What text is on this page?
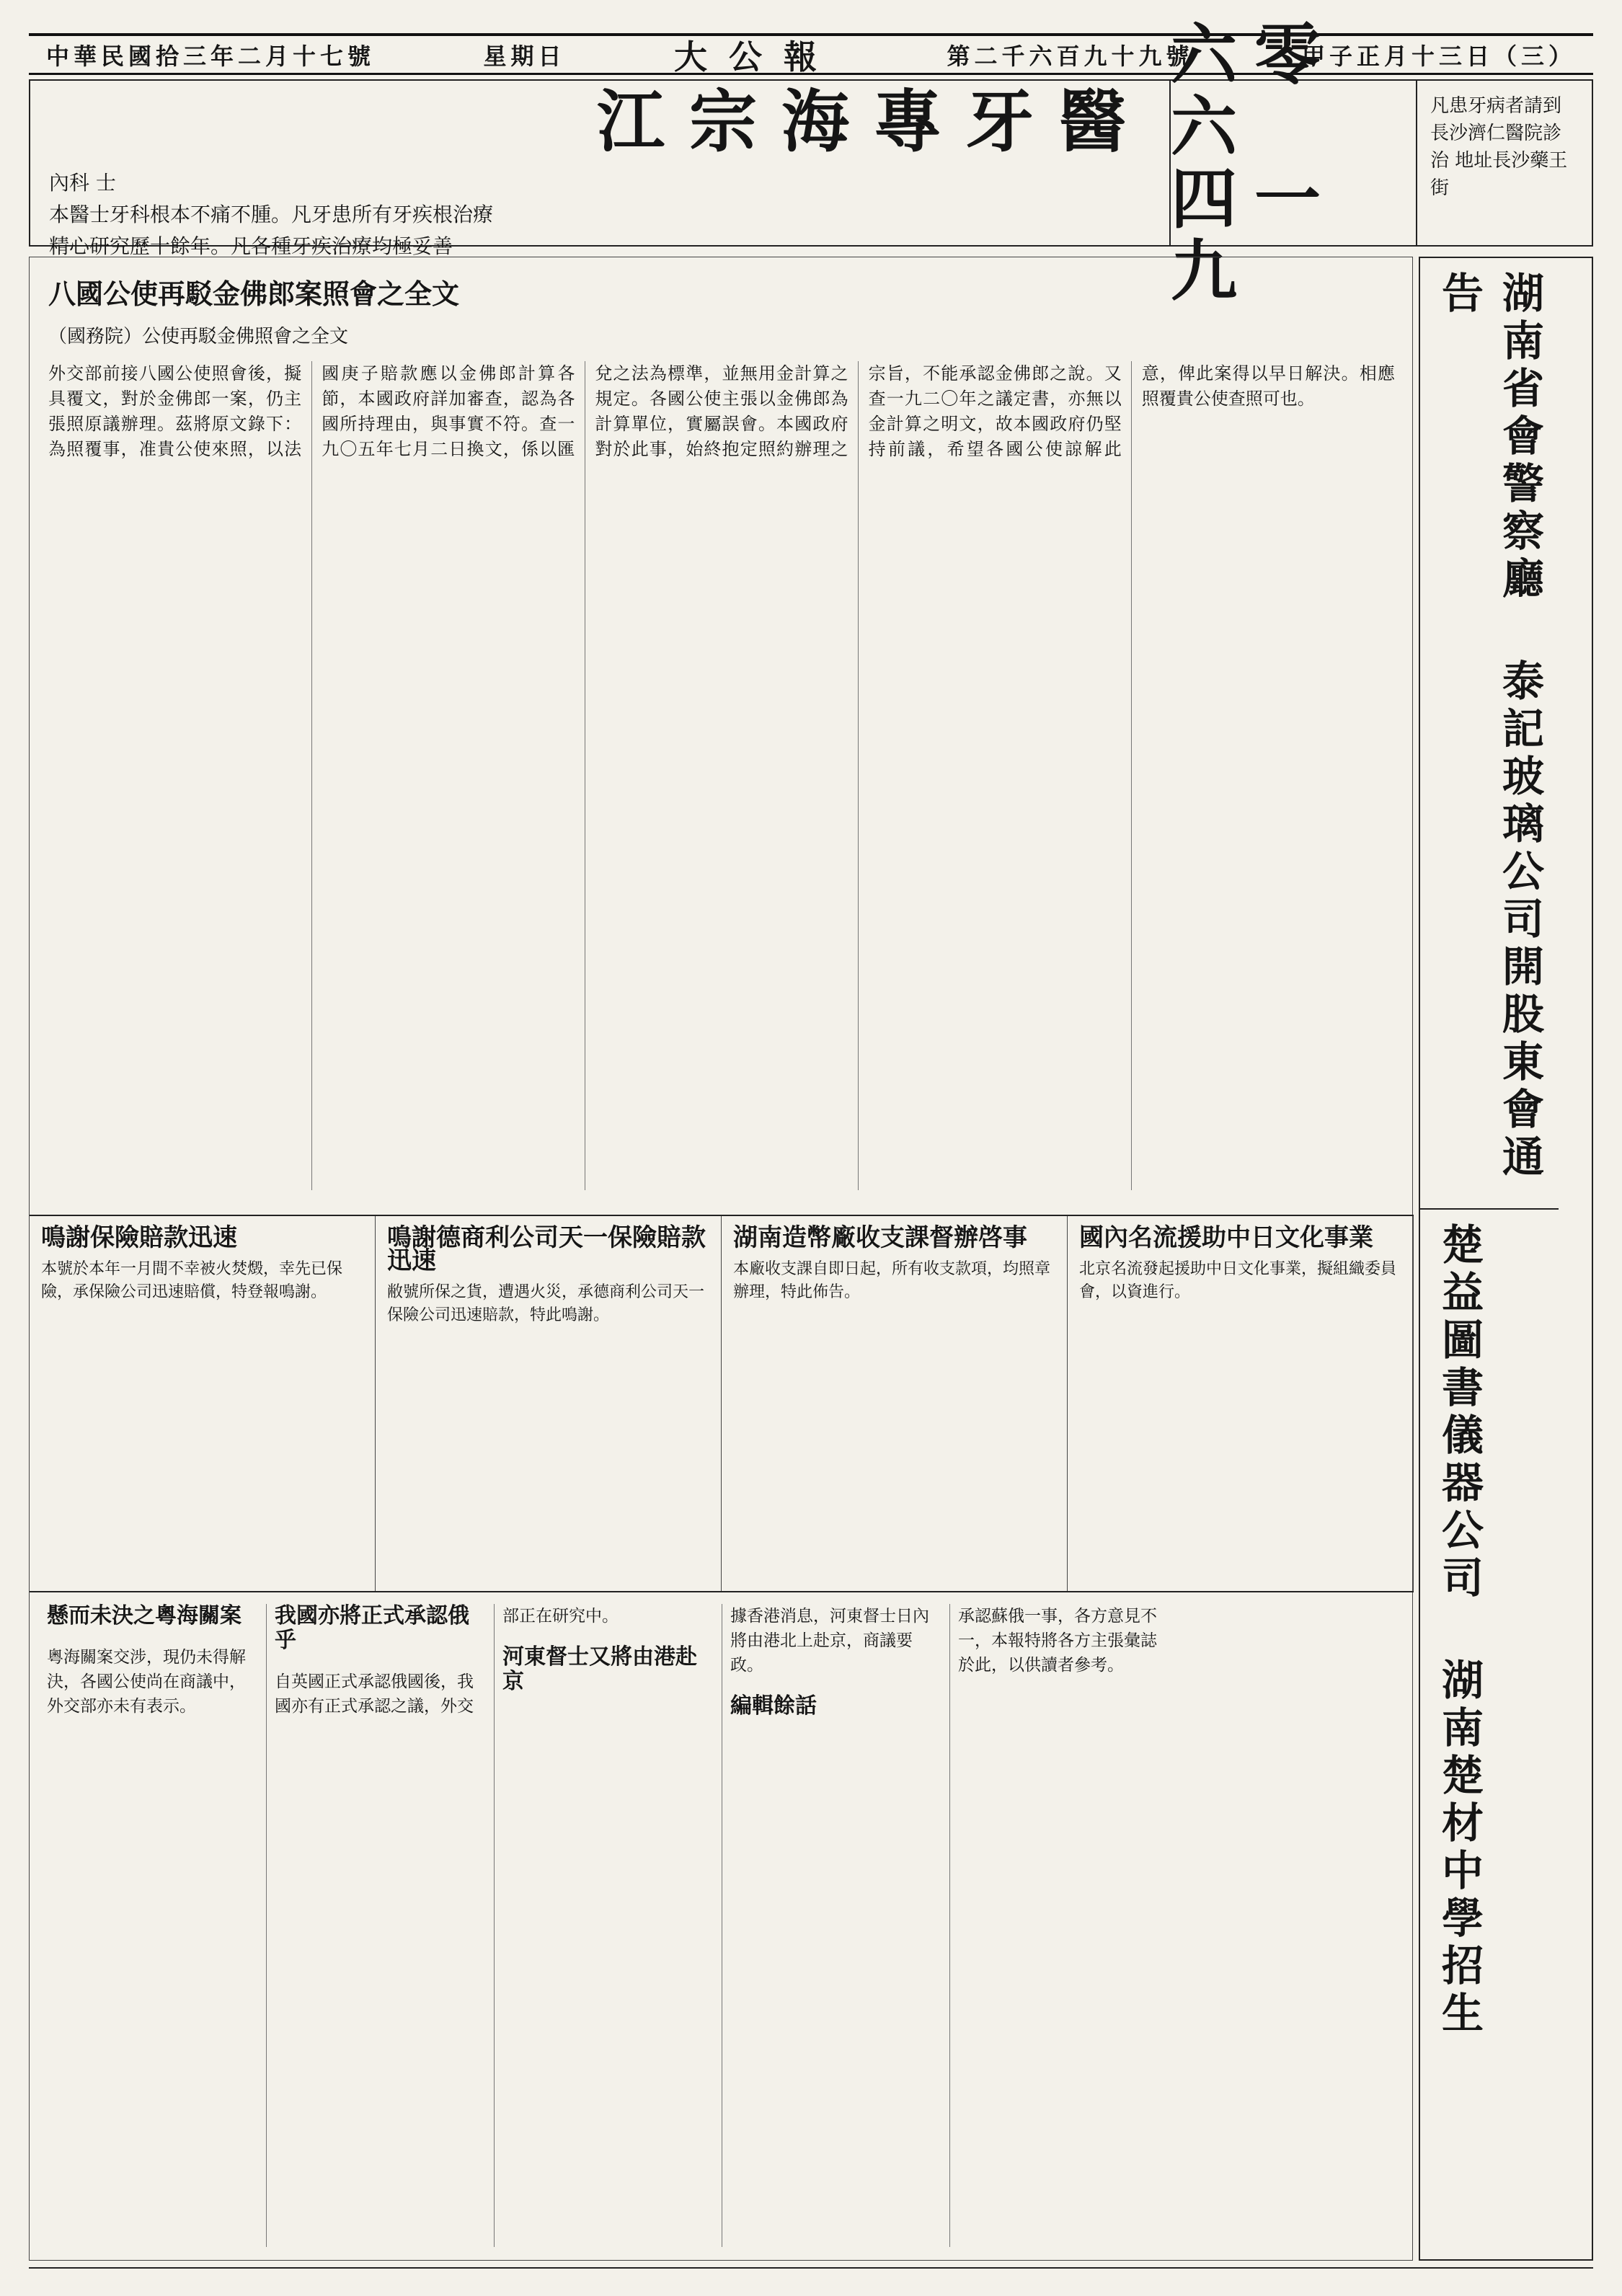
中華民國拾三年二月十七號	星期日	大公報	第二千六百九十九號	甲子正月十三日（三）
江宗海專牙醫
內科 士
本醫士牙科根本不痛不腫。凡牙患所有牙疾根治療
精心研究歷十餘年。凡各種牙疾治療均極妥善
六零六
四一九
凡患牙病者請到長沙濟仁醫院診治 地址長沙藥王街
八國公使再駁金佛郎案照會之全文
（國務院）公使再駁金佛照會之全文
外交部前接八國公使照會後，擬具覆文，對於金佛郎一案，仍主張照原議辦理。茲將原文錄下：為照覆事，准貴公使來照，以法國庚子賠款應以金佛郎計算各節，本國政府詳加審查，認為各國所持理由，與事實不符。查一九〇五年七月二日換文，係以匯兌之法為標準，並無用金計算之規定。各國公使主張以金佛郎為計算單位，實屬誤會。本國政府對於此事，始終抱定照約辦理之宗旨，不能承認金佛郎之說。又查一九二〇年之議定書，亦無以金計算之明文，故本國政府仍堅持前議，希望各國公使諒解此意，俾此案得以早日解決。相應照覆貴公使查照可也。
鳴謝保險賠款迅速
本號於本年一月間不幸被火焚燬，幸先已保險，承保險公司迅速賠償，特登報鳴謝。
鳴謝德商利公司天一保險賠款迅速
敝號所保之貨，遭遇火災，承德商利公司天一保險公司迅速賠款，特此鳴謝。
湖南造幣廠收支課督辦啓事
本廠收支課自即日起，所有收支款項，均照章辦理，特此佈告。
國內名流援助中日文化事業
北京名流發起援助中日文化事業，擬組織委員會，以資進行。
懸而未決之粵海關案

粵海關案交涉，現仍未得解決，各國公使尚在商議中，外交部亦未有表示。

我國亦將正式承認俄乎

自英國正式承認俄國後，我國亦有正式承認之議，外交部正在研究中。

河東督士又將由港赴京

據香港消息，河東督士日內將由港北上赴京，商議要政。

編輯餘話

承認蘇俄一事，各方意見不一，本報特將各方主張彙誌於此，以供讀者參考。

湖南省會警察廳 泰記玻璃公司開股東會通告
楚益圖書儀器公司 湖南楚材中學招生
